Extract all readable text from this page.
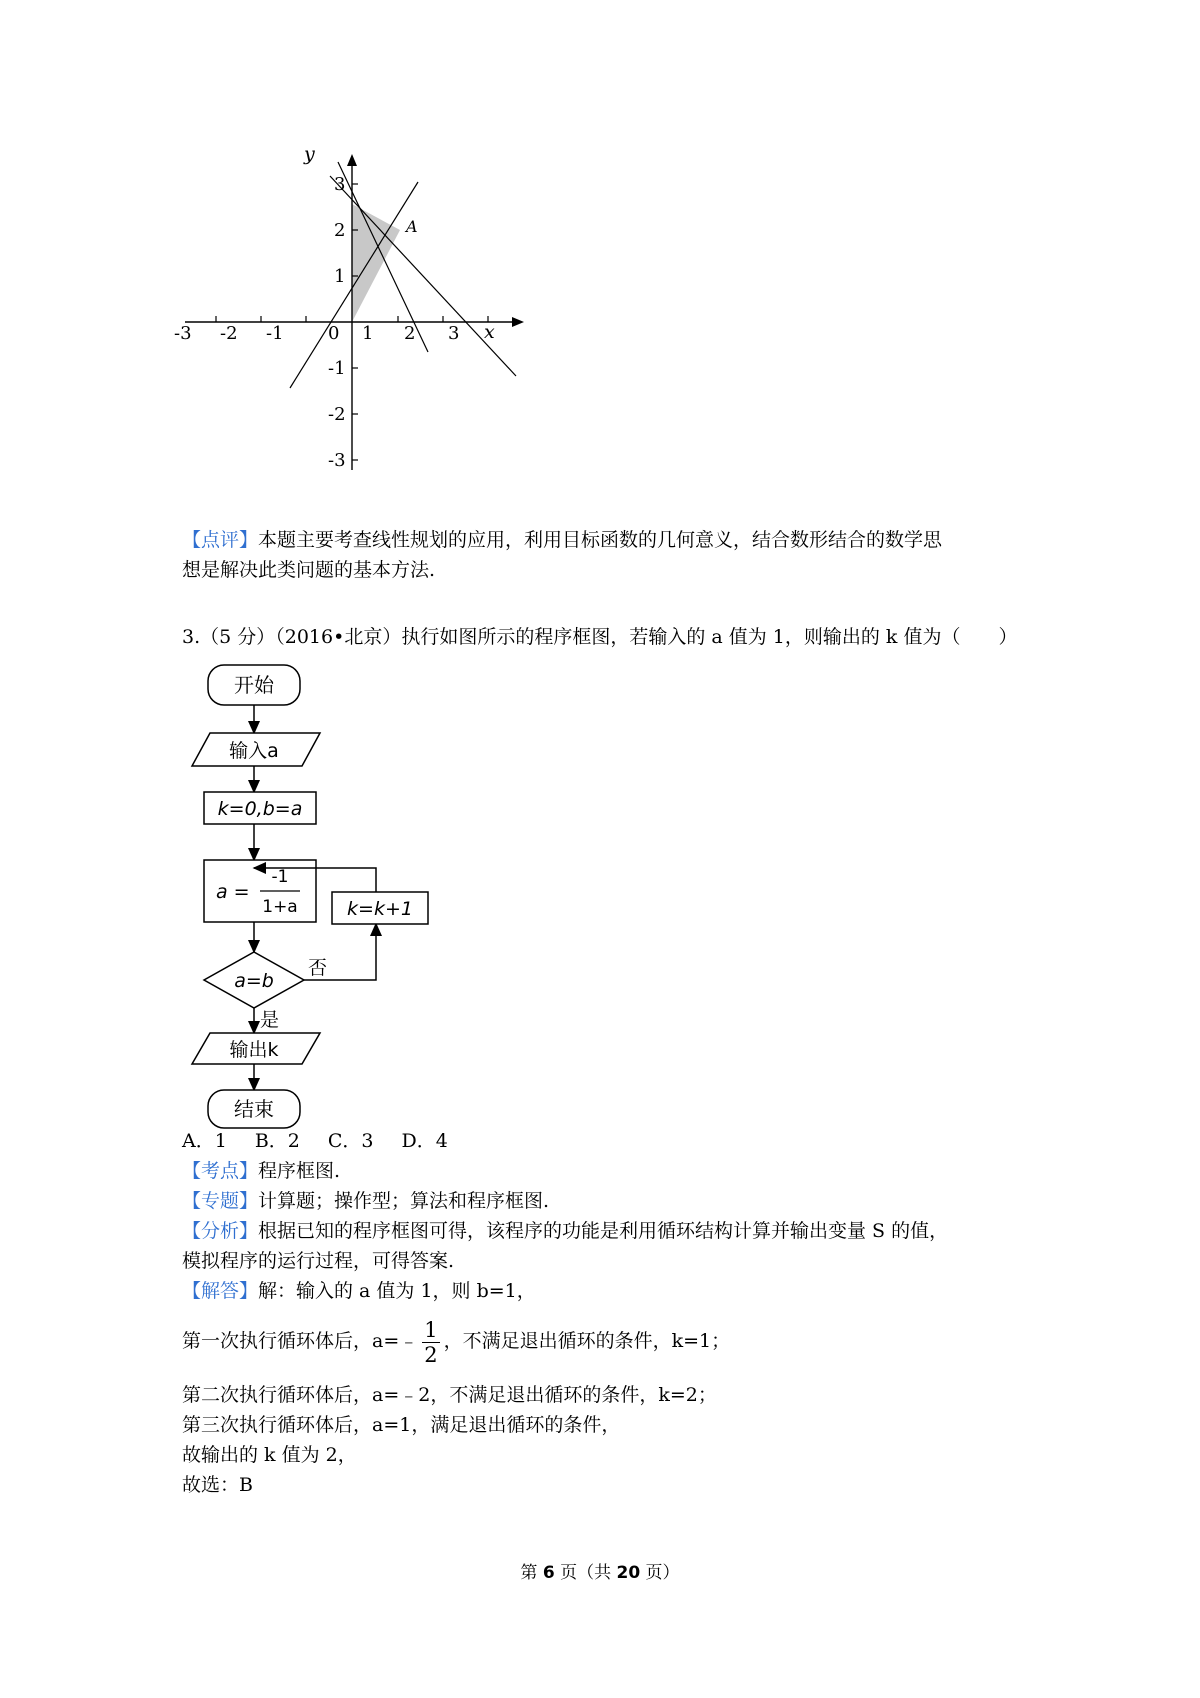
y
x
A
-3 -2 -1 0 1 2 3
1
2
3
-1
-2
-3
【点评】本题主要考查线性规划的应用，利用目标函数的几何意义，结合数形结合的数学思
想是解决此类问题的基本方法.
3.（5 分）（2016•北京）执行如图所示的程序框图，若输入的 a 值为 1，则输出的 k 值为（　　）
开始
输入a
k=0,b=a
a =
-1
1+a
a=b
否
是
k=k+1
输出k
结束
A．1 B．2 C．3 D．4
【考点】程序框图.
【专题】计算题；操作型；算法和程序框图.
【分析】根据已知的程序框图可得，该程序的功能是利用循环结构计算并输出变量 S 的值，
模拟程序的运行过程，可得答案.
【解答】解：输入的 a 值为 1，则 b=1，
第一次执行循环体后，a=﹣ $\frac{1}{2}$ ，不满足退出循环的条件，k=1；
第二次执行循环体后，a=﹣2，不满足退出循环的条件，k=2；
第三次执行循环体后，a=1，满足退出循环的条件，
故输出的 k 值为 2，
故选：B
第 6 页（共 20 页）
